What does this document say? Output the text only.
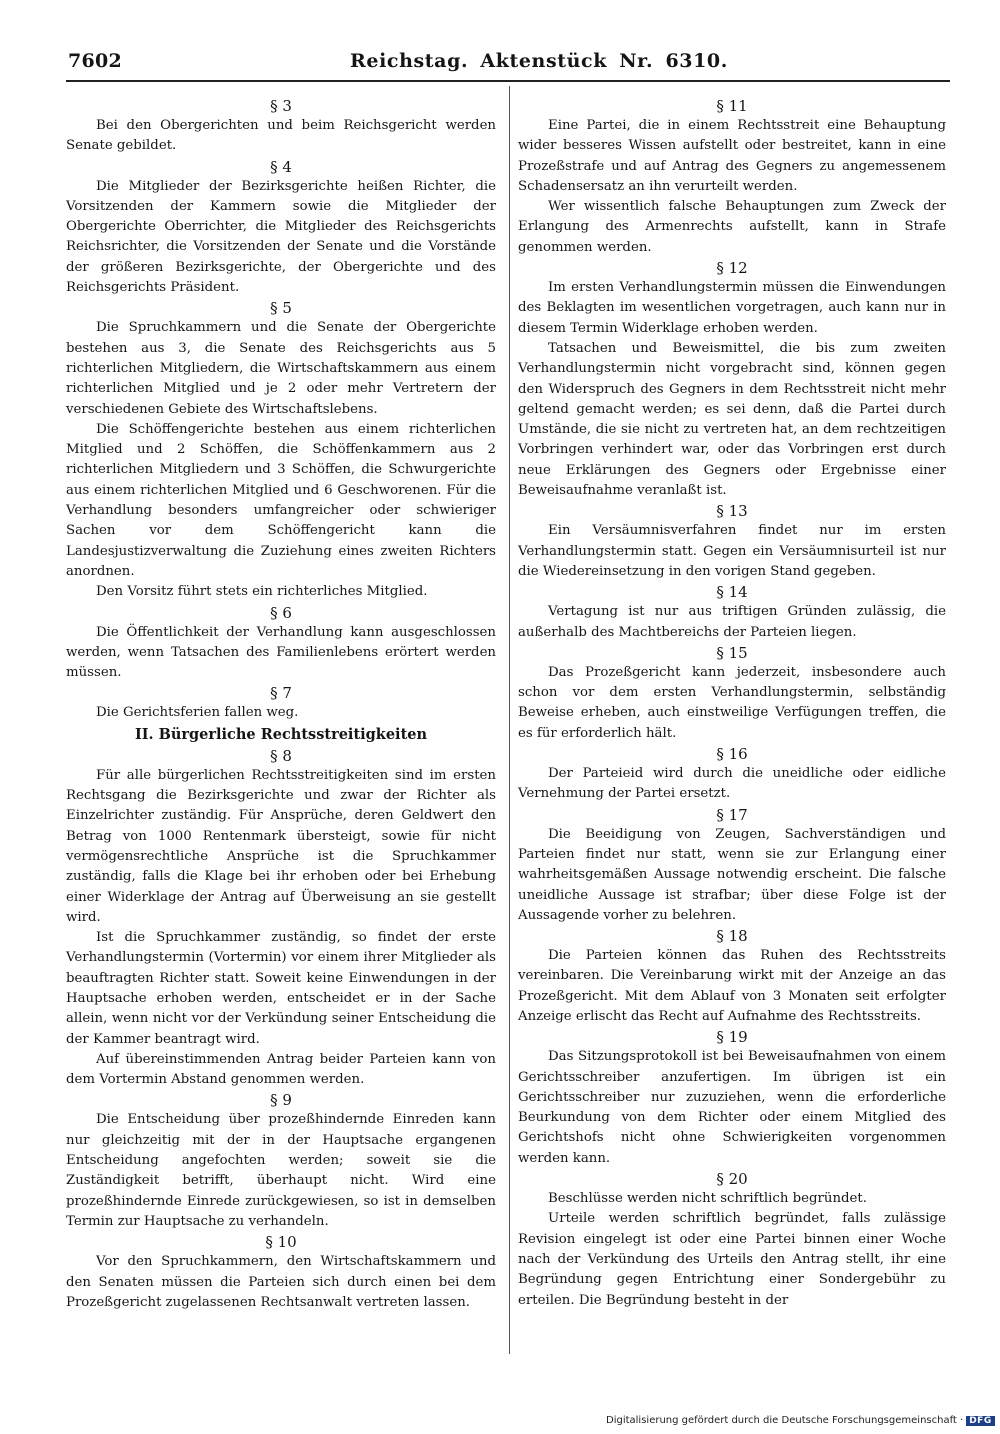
7602	Reichstag. Aktenstück Nr. 6310.

§ 3

Bei den Obergerichten und beim Reichsgericht werden Senate gebildet.

§ 4

Die Mitglieder der Bezirksgerichte heißen Richter, die Vorsitzenden der Kammern sowie die Mitglieder der Obergerichte Oberrichter, die Mitglieder des Reichsgerichts Reichsrichter, die Vorsitzenden der Senate und die Vorstände der größeren Bezirksgerichte, der Obergerichte und des Reichsgerichts Präsident.

§ 5

Die Spruchkammern und die Senate der Obergerichte bestehen aus 3, die Senate des Reichsgerichts aus 5 richterlichen Mitgliedern, die Wirtschaftskammern aus einem richterlichen Mitglied und je 2 oder mehr Vertretern der verschiedenen Gebiete des Wirtschaftslebens.

Die Schöffengerichte bestehen aus einem richterlichen Mitglied und 2 Schöffen, die Schöffenkammern aus 2 richterlichen Mitgliedern und 3 Schöffen, die Schwurgerichte aus einem richterlichen Mitglied und 6 Geschworenen. Für die Verhandlung besonders umfangreicher oder schwieriger Sachen vor dem Schöffengericht kann die Landesjustizverwaltung die Zuziehung eines zweiten Richters anordnen.

Den Vorsitz führt stets ein richterliches Mitglied.

§ 6

Die Öffentlichkeit der Verhandlung kann ausgeschlossen werden, wenn Tatsachen des Familienlebens erörtert werden müssen.

§ 7

Die Gerichtsferien fallen weg.

II. Bürgerliche Rechtsstreitigkeiten

§ 8

Für alle bürgerlichen Rechtsstreitigkeiten sind im ersten Rechtsgang die Bezirksgerichte und zwar der Richter als Einzelrichter zuständig. Für Ansprüche, deren Geldwert den Betrag von 1000 Rentenmark übersteigt, sowie für nicht vermögensrechtliche Ansprüche ist die Spruchkammer zuständig, falls die Klage bei ihr erhoben oder bei Erhebung einer Widerklage der Antrag auf Überweisung an sie gestellt wird.

Ist die Spruchkammer zuständig, so findet der erste Verhandlungstermin (Vortermin) vor einem ihrer Mitglieder als beauftragten Richter statt. Soweit keine Einwendungen in der Hauptsache erhoben werden, entscheidet er in der Sache allein, wenn nicht vor der Verkündung seiner Entscheidung die der Kammer beantragt wird.

Auf übereinstimmenden Antrag beider Parteien kann von dem Vortermin Abstand genommen werden.

§ 9

Die Entscheidung über prozeßhindernde Einreden kann nur gleichzeitig mit der in der Hauptsache ergangenen Entscheidung angefochten werden; soweit sie die Zuständigkeit betrifft, überhaupt nicht. Wird eine prozeßhindernde Einrede zurückgewiesen, so ist in demselben Termin zur Hauptsache zu verhandeln.

§ 10

Vor den Spruchkammern, den Wirtschaftskammern und den Senaten müssen die Parteien sich durch einen bei dem Prozeßgericht zugelassenen Rechtsanwalt vertreten lassen.

§ 11

Eine Partei, die in einem Rechtsstreit eine Behauptung wider besseres Wissen aufstellt oder bestreitet, kann in eine Prozeßstrafe und auf Antrag des Gegners zu angemessenem Schadensersatz an ihn verurteilt werden.

Wer wissentlich falsche Behauptungen zum Zweck der Erlangung des Armenrechts aufstellt, kann in Strafe genommen werden.

§ 12

Im ersten Verhandlungstermin müssen die Einwendungen des Beklagten im wesentlichen vorgetragen, auch kann nur in diesem Termin Widerklage erhoben werden.

Tatsachen und Beweismittel, die bis zum zweiten Verhandlungstermin nicht vorgebracht sind, können gegen den Widerspruch des Gegners in dem Rechtsstreit nicht mehr geltend gemacht werden; es sei denn, daß die Partei durch Umstände, die sie nicht zu vertreten hat, an dem rechtzeitigen Vorbringen verhindert war, oder das Vorbringen erst durch neue Erklärungen des Gegners oder Ergebnisse einer Beweisaufnahme veranlaßt ist.

§ 13

Ein Versäumnisverfahren findet nur im ersten Verhandlungstermin statt. Gegen ein Versäumnisurteil ist nur die Wiedereinsetzung in den vorigen Stand gegeben.

§ 14

Vertagung ist nur aus triftigen Gründen zulässig, die außerhalb des Machtbereichs der Parteien liegen.

§ 15

Das Prozeßgericht kann jederzeit, insbesondere auch schon vor dem ersten Verhandlungstermin, selbständig Beweise erheben, auch einstweilige Verfügungen treffen, die es für erforderlich hält.

§ 16

Der Parteieid wird durch die uneidliche oder eidliche Vernehmung der Partei ersetzt.

§ 17

Die Beeidigung von Zeugen, Sachverständigen und Parteien findet nur statt, wenn sie zur Erlangung einer wahrheitsgemäßen Aussage notwendig erscheint. Die falsche uneidliche Aussage ist strafbar; über diese Folge ist der Aussagende vorher zu belehren.

§ 18

Die Parteien können das Ruhen des Rechtsstreits vereinbaren. Die Vereinbarung wirkt mit der Anzeige an das Prozeßgericht. Mit dem Ablauf von 3 Monaten seit erfolgter Anzeige erlischt das Recht auf Aufnahme des Rechtsstreits.

§ 19

Das Sitzungsprotokoll ist bei Beweisaufnahmen von einem Gerichtsschreiber anzufertigen. Im übrigen ist ein Gerichtsschreiber nur zuzuziehen, wenn die erforderliche Beurkundung von dem Richter oder einem Mitglied des Gerichtshofs nicht ohne Schwierigkeiten vorgenommen werden kann.

§ 20

Beschlüsse werden nicht schriftlich begründet.

Urteile werden schriftlich begründet, falls zulässige Revision eingelegt ist oder eine Partei binnen einer Woche nach der Verkündung des Urteils den Antrag stellt, ihr eine Begründung gegen Entrichtung einer Sondergebühr zu erteilen. Die Begründung besteht in der

Digitalisierung gefördert durch die Deutsche Forschungsgemeinschaft · DFG
